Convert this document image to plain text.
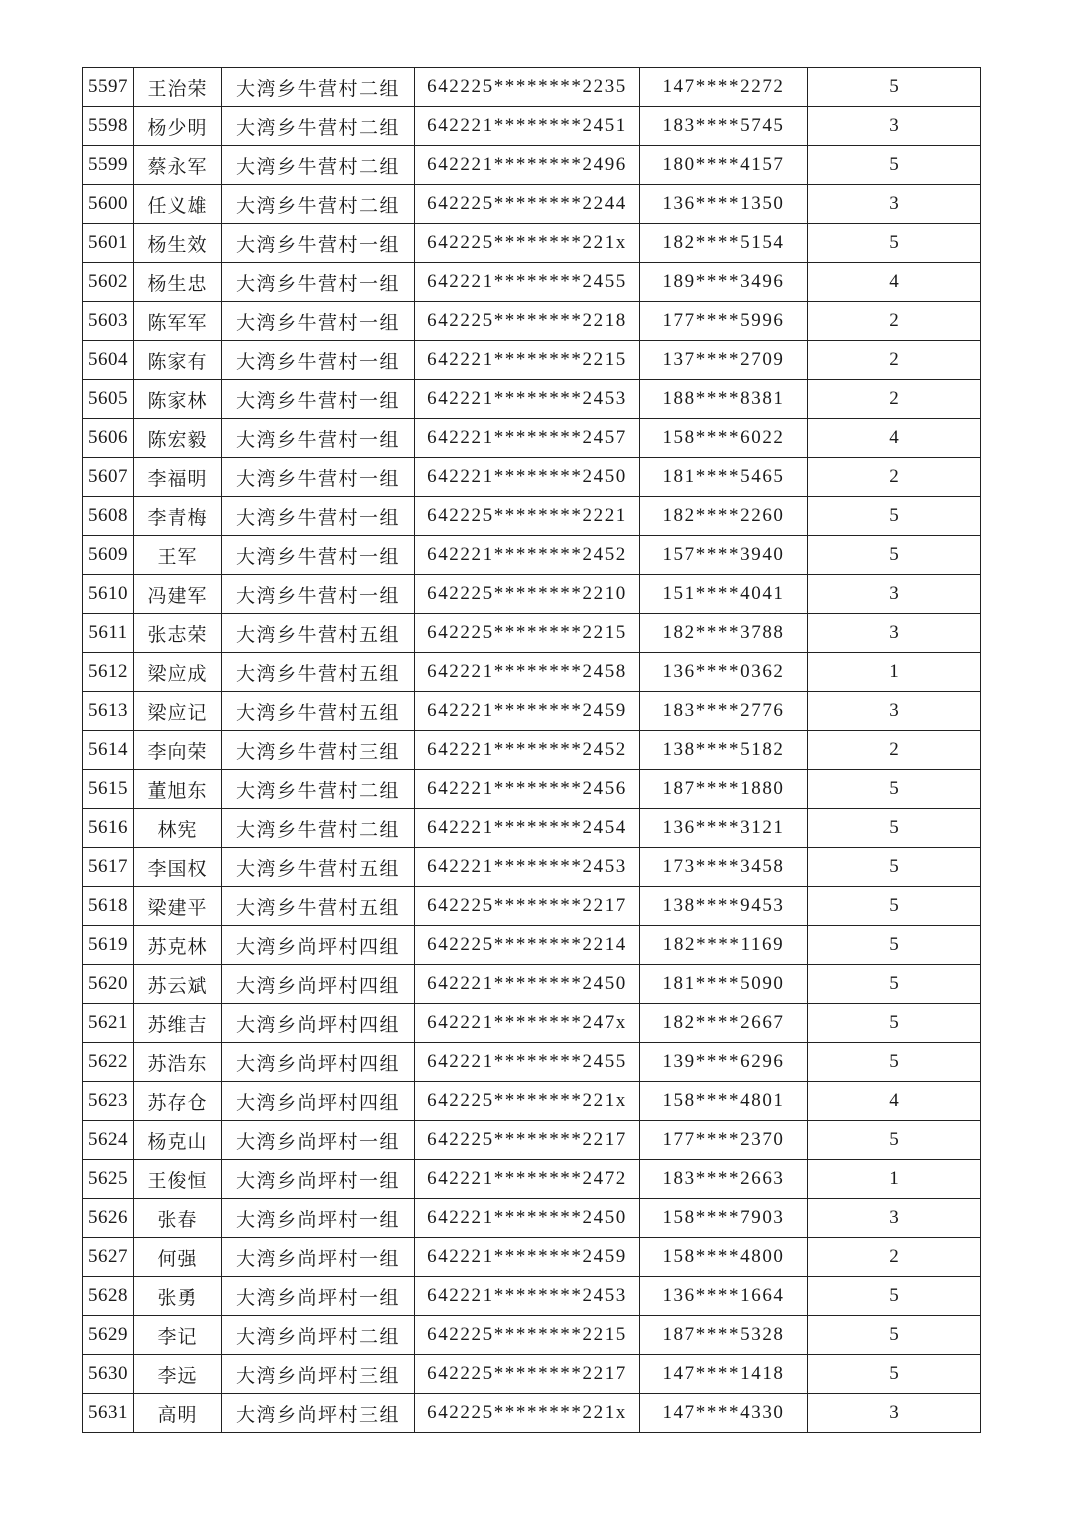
5597	王治荣	大湾乡牛营村二组	642225********2235	147****2272	5
5598	杨少明	大湾乡牛营村二组	642221********2451	183****5745	3
5599	蔡永军	大湾乡牛营村二组	642221********2496	180****4157	5
5600	任义雄	大湾乡牛营村二组	642225********2244	136****1350	3
5601	杨生效	大湾乡牛营村一组	642225********221x	182****5154	5
5602	杨生忠	大湾乡牛营村一组	642221********2455	189****3496	4
5603	陈军军	大湾乡牛营村一组	642225********2218	177****5996	2
5604	陈家有	大湾乡牛营村一组	642221********2215	137****2709	2
5605	陈家林	大湾乡牛营村一组	642221********2453	188****8381	2
5606	陈宏毅	大湾乡牛营村一组	642221********2457	158****6022	4
5607	李福明	大湾乡牛营村一组	642221********2450	181****5465	2
5608	李青梅	大湾乡牛营村一组	642225********2221	182****2260	5
5609	王军	大湾乡牛营村一组	642221********2452	157****3940	5
5610	冯建军	大湾乡牛营村一组	642225********2210	151****4041	3
5611	张志荣	大湾乡牛营村五组	642225********2215	182****3788	3
5612	梁应成	大湾乡牛营村五组	642221********2458	136****0362	1
5613	梁应记	大湾乡牛营村五组	642221********2459	183****2776	3
5614	李向荣	大湾乡牛营村三组	642221********2452	138****5182	2
5615	董旭东	大湾乡牛营村二组	642221********2456	187****1880	5
5616	林宪	大湾乡牛营村二组	642221********2454	136****3121	5
5617	李国权	大湾乡牛营村五组	642221********2453	173****3458	5
5618	梁建平	大湾乡牛营村五组	642225********2217	138****9453	5
5619	苏克林	大湾乡尚坪村四组	642225********2214	182****1169	5
5620	苏云斌	大湾乡尚坪村四组	642221********2450	181****5090	5
5621	苏维吉	大湾乡尚坪村四组	642221********247x	182****2667	5
5622	苏浩东	大湾乡尚坪村四组	642221********2455	139****6296	5
5623	苏存仓	大湾乡尚坪村四组	642225********221x	158****4801	4
5624	杨克山	大湾乡尚坪村一组	642225********2217	177****2370	5
5625	王俊恒	大湾乡尚坪村一组	642221********2472	183****2663	1
5626	张春	大湾乡尚坪村一组	642221********2450	158****7903	3
5627	何强	大湾乡尚坪村一组	642221********2459	158****4800	2
5628	张勇	大湾乡尚坪村一组	642221********2453	136****1664	5
5629	李记	大湾乡尚坪村二组	642225********2215	187****5328	5
5630	李远	大湾乡尚坪村三组	642225********2217	147****1418	5
5631	高明	大湾乡尚坪村三组	642225********221x	147****4330	3
